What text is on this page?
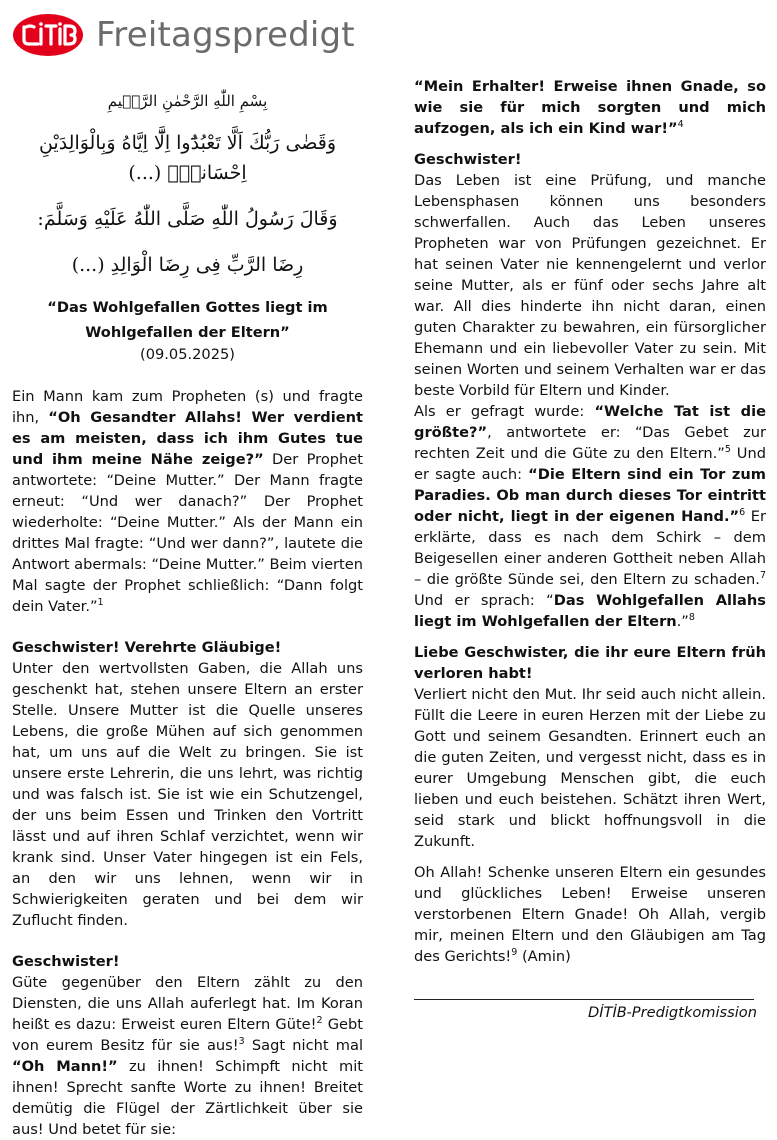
Freitagspredigt

بِسْمِ اللّٰهِ الرَّحْمٰنِ الرَّح۪يمِ

وَقَضٰى رَبُّكَ اَلَّا تَعْبُدُٓوا اِلَّٓا اِيَّاهُ وَبِالْوَالِدَيْنِ اِحْسَاناًۜ (...)

وَقَالَ رَسُولُ اللّٰهِ صَلَّى اللّٰهُ عَلَيْهِ وَسَلَّمَ:

رِضَا الرَّبِّ فِى رِضَا الْوَالِدِ (...)

“Das Wohlgefallen Gottes liegt im

Wohlgefallen der Eltern”

(09.05.2025)

Ein Mann kam zum Propheten (s) und fragte ihn, “Oh Gesandter Allahs! Wer verdient es am meisten, dass ich ihm Gutes tue und ihm meine Nähe zeige?” Der Prophet antwortete: “Deine Mutter.” Der Mann fragte erneut: “Und wer danach?” Der Prophet wiederholte: “Deine Mutter.” Als der Mann ein drittes Mal fragte: “Und wer dann?”, lautete die Antwort abermals: “Deine Mutter.” Beim vierten Mal sagte der Prophet schließlich: “Dann folgt dein Vater.”$^1$

Geschwister! Verehrte Gläubige!

Unter den wertvollsten Gaben, die Allah uns geschenkt hat, stehen unsere Eltern an erster Stelle. Unsere Mutter ist die Quelle unseres Lebens, die große Mühen auf sich genommen hat, um uns auf die Welt zu bringen. Sie ist unsere erste Lehrerin, die uns lehrt, was richtig und was falsch ist. Sie ist wie ein Schutzengel, der uns beim Essen und Trinken den Vortritt lässt und auf ihren Schlaf verzichtet, wenn wir krank sind. Unser Vater hingegen ist ein Fels, an den wir uns lehnen, wenn wir in Schwierigkeiten geraten und bei dem wir Zuflucht finden.

Geschwister!

Güte gegenüber den Eltern zählt zu den Diensten, die uns Allah auferlegt hat. Im Koran heißt es dazu: Erweist euren Eltern Güte!$^2$ Gebt von eurem Besitz für sie aus!$^3$ Sagt nicht mal “Oh Mann!” zu ihnen! Schimpft nicht mit ihnen! Sprecht sanfte Worte zu ihnen! Breitet demütig die Flügel der Zärtlichkeit über sie aus! Und betet für sie:

“Mein Erhalter! Erweise ihnen Gnade, so wie sie für mich sorgten und mich aufzogen, als ich ein Kind war!”$^4$

Geschwister!

Das Leben ist eine Prüfung, und manche Lebensphasen können uns besonders schwerfallen. Auch das Leben unseres Propheten war von Prüfungen gezeichnet. Er hat seinen Vater nie kennengelernt und verlor seine Mutter, als er fünf oder sechs Jahre alt war. All dies hinderte ihn nicht daran, einen guten Charakter zu bewahren, ein fürsorglicher Ehemann und ein liebevoller Vater zu sein. Mit seinen Worten und seinem Verhalten war er das beste Vorbild für Eltern und Kinder.

Als er gefragt wurde: “Welche Tat ist die größte?”, antwortete er: “Das Gebet zur rechten Zeit und die Güte zu den Eltern.”$^5$ Und er sagte auch: “Die Eltern sind ein Tor zum Paradies. Ob man durch dieses Tor eintritt oder nicht, liegt in der eigenen Hand.”$^6$ Er erklärte, dass es nach dem Schirk – dem Beigesellen einer anderen Gottheit neben Allah – die größte Sünde sei, den Eltern zu schaden.$^7$ Und er sprach: “Das Wohlgefallen Allahs liegt im Wohlgefallen der Eltern.”$^8$

Liebe Geschwister, die ihr eure Eltern früh verloren habt!

Verliert nicht den Mut. Ihr seid auch nicht allein. Füllt die Leere in euren Herzen mit der Liebe zu Gott und seinem Gesandten. Erinnert euch an die guten Zeiten, und vergesst nicht, dass es in eurer Umgebung Menschen gibt, die euch lieben und euch beistehen. Schätzt ihren Wert, seid stark und blickt hoffnungsvoll in die Zukunft.

Oh Allah! Schenke unseren Eltern ein gesundes und glückliches Leben! Erweise unseren verstorbenen Eltern Gnade! Oh Allah, vergib mir, meinen Eltern und den Gläubigen am Tag des Gerichts!$^9$ (Amin)

DİTİB-Predigtkomission
